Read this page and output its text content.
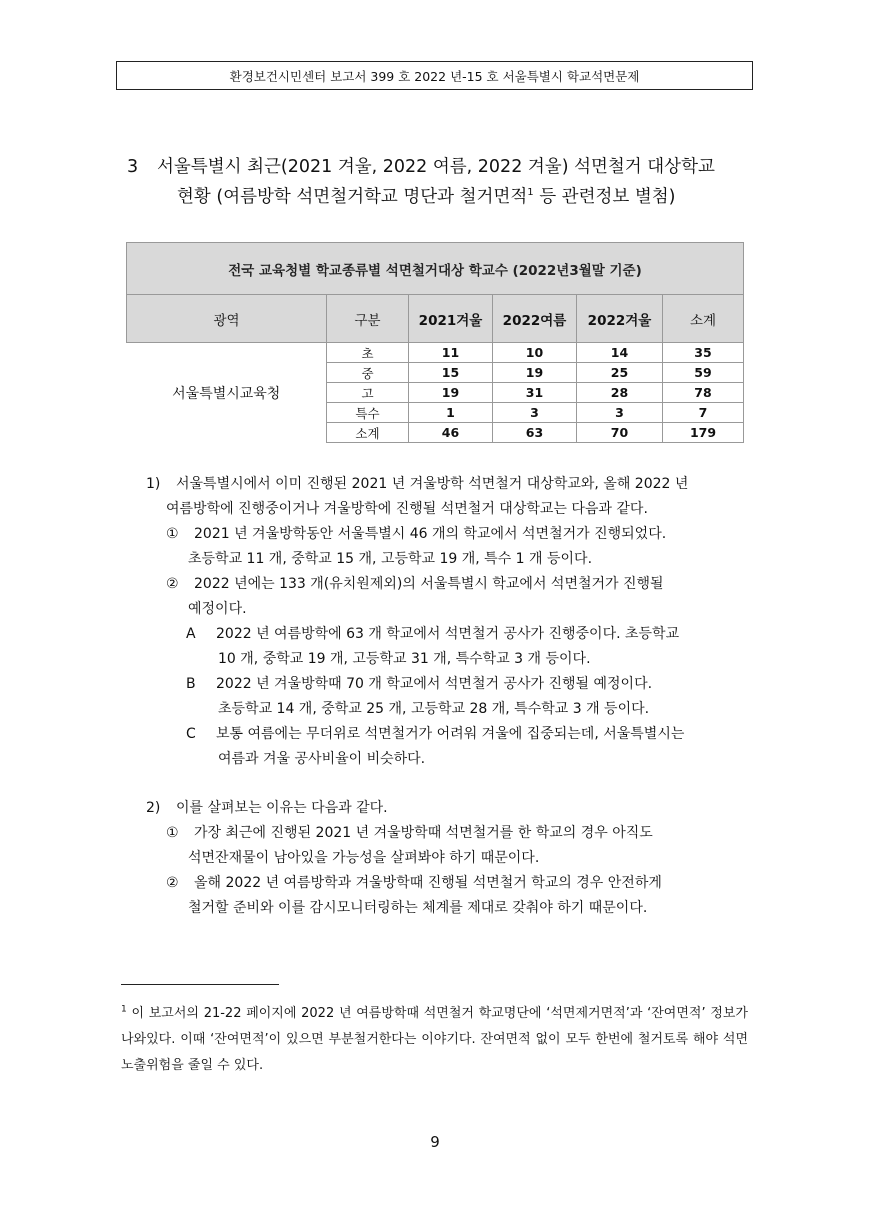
환경보건시민센터 보고서 399 호 2022 년-15 호 서울특별시 학교석면문제
3 서울특별시 최근(2021 겨울, 2022 여름, 2022 겨울) 석면철거 대상학교
현황 (여름방학 석면철거학교 명단과 철거면적$^1$ 등 관련정보 별첨)
전국 교육청별 학교종류별 석면철거대상 학교수 (2022년3월말 기준)					
광역	구분	2021겨울	2022여름	2022겨울	소계
서울특별시교육청	초	11	10	14	35
	중	15	19	25	59
	고	19	31	28	78
	특수	1	3	3	7
	소계	46	63	70	179
1)	서울특별시에서 이미 진행된 2021 년 겨울방학 석면철거 대상학교와, 올해 2022 년
여름방학에 진행중이거나 겨울방학에 진행될 석면철거 대상학교는 다음과 같다.
①	2021 년 겨울방학동안 서울특별시 46 개의 학교에서 석면철거가 진행되었다.
초등학교 11 개, 중학교 15 개, 고등학교 19 개, 특수 1 개 등이다.
②	2022 년에는 133 개(유치원제외)의 서울특별시 학교에서 석면철거가 진행될
예정이다.
A	2022 년 여름방학에 63 개 학교에서 석면철거 공사가 진행중이다. 초등학교
10 개, 중학교 19 개, 고등학교 31 개, 특수학교 3 개 등이다.
B	2022 년 겨울방학때 70 개 학교에서 석면철거 공사가 진행될 예정이다.
초등학교 14 개, 중학교 25 개, 고등학교 28 개, 특수학교 3 개 등이다.
C	보통 여름에는 무더위로 석면철거가 어려워 겨울에 집중되는데, 서울특별시는
여름과 겨울 공사비율이 비슷하다.
2)	이를 살펴보는 이유는 다음과 같다.
①	가장 최근에 진행된 2021 년 겨울방학때 석면철거를 한 학교의 경우 아직도
석면잔재물이 남아있을 가능성을 살펴봐야 하기 때문이다.
②	올해 2022 년 여름방학과 겨울방학때 진행될 석면철거 학교의 경우 안전하게
철거할 준비와 이를 감시모니터링하는 체계를 제대로 갖춰야 하기 때문이다.
$^1$ 이 보고서의 21-22 페이지에 2022 년 여름방학때 석면철거 학교명단에 ‘석면제거면적’과 ‘잔여면적’ 정보가 나와있다. 이때 ‘잔여면적’이 있으면 부분철거한다는 이야기다. 잔여면적 없이 모두 한번에 철거토록 해야 석면노출위험을 줄일 수 있다.
9
